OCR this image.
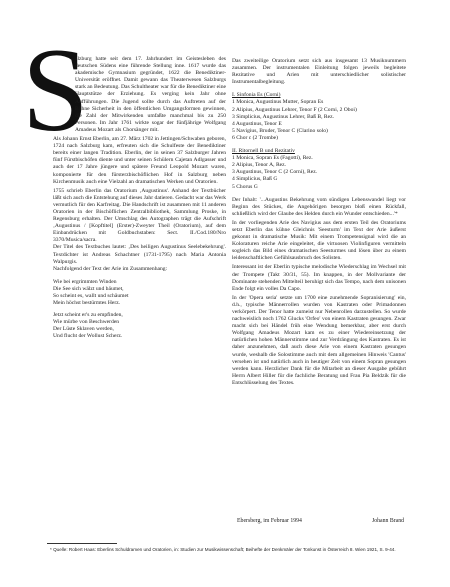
S

alzburg hatte seit dem 17. Jahrhundert im Geistesleben des deutschen Südens eine führende Stellung inne. 1617 wurde das akademische Gymnasium gegründet, 1622 die Benediktiner-Universität eröffnet. Damit gewann das Theaterwesen Salzburgs stark an Bedeutung. Das Schultheater war für die Benediktiner eine Hauptstütze der Erziehung. Es verging kein Jahr ohne Aufführungen. Die Jugend sollte durch das Auftreten auf der Bühne Sicherheit in den öffentlichen Umgangsformen gewinnen, die Zahl der Mitwirkenden umfaßte manchmal bis zu 250 Personen. Im Jahr 1761 wirkte sogar der fünfjährige Wolfgang Amadeus Mozart als Chorsänger mit.

Als Johann Ernst Eberlin, am 27. März 1702 in Jettingen/Schwaben geboren, 1724 nach Salzburg kam, erfreuten sich die Schulfeste der Benediktiner bereits einer langen Tradition. Eberlin, der in seinen 37 Salzburger Jahren fünf Fürstbischöfen diente und unter seinen Schülern Cajetan Adlgasser und auch der 17 Jahre jüngere und spätere Freund Leopold Mozart waren, komponierte für den fürsterzbischöflichen Hof in Salzburg neben Kirchenmusik auch eine Vielzahl an dramatischen Werken und Oratorien.

1755 schrieb Eberlin das Oratorium ‚Augustinus'. Anhand der Textbücher läßt sich auch die Entstehung auf dieses Jahr datieren. Gedacht war das Werk vermutlich für den Karfreitag. Die Handschrift ist zusammen mit 11 anderen Oratorien in der Bischöflichen Zentralbibliothek, Sammlung Proske, in Regensburg erhalten. Der Umschlag des Autographen trägt die Aufschrift ‚Augustinus / [Kopftitel] (Erster)-Zweyter Theil (Oratorium), auf dem Einbandrücken mit Goldbuchstaben: Sect. II./Cod.180/Nro 3370/Musica/sacra.

Der Titel des Textbuches lautet: ‚Des heiligen Augustinus Seelebekehrung'. Textdichter ist Andreas Schachtner (1731-1795) nach Maria Antonia Walpurgis.

Nachfolgend der Text der Arie im Zusammenhang:

Wie bei ergrimmten Winden
Die See sich wälzt und bäumet,
So scheint es, wallt und schäumet
Mein höchst bestürmtes Herz.
Jetzt scheint er's zu empfinden,
Wie mürbe von Beschwerden
Der Lüste Sklaven werden,
Und flucht der Wollust Scherz.

Das zweiteilige Oratorium setzt sich aus insgesamt 13 Musiknummern zusammen. Der instrumentalen Einleitung folgen jeweils begleitete Rezitative und Arien mit unterschiedlicher solistischer Instrumentalbegleitung.

I. Sinfonia Es (Corni)
1 Monica, Augustinus Mutter, Sopran Es
2 Alipius, Augustinus Lehrer, Tenor F (2 Corni, 2 Oboi)
3 Simplicius, Augustinus Lehrer, Baß B, Rez.
4 Augustinus, Tenor E
5 Navigius, Bruder, Tenor C (Clarino solo)
6 Chor c (2 Trombe)
II. Ritornell B und Rezitativ
1 Monica, Sopran Es (Fagotti), Rez.
2 Alipius, Tenor A, Rez.
3 Augustinus, Tenor C (2 Corni), Rez.
4 Simplicius, Baß G
5 Chorus G

Der Inhalt: '...Augustins Bekehrung vom sündigen Lebenswandel liegt vor Beginn des Stückes, die Angehörigen besorgen bloß einen Rückfall, schließlich wird der Glaube des Helden durch ein Wunder entschieden...'*

In der vorliegenden Arie des Navigius aus dem ersten Teil des Oratoriums setzt Eberlin das kühne Gleichnis 'Seesturm' im Text der Arie äußerst gekonnt in dramatische Musik: Mit einem Trompetensignal wird die an Koloraturen reiche Arie eingeleitet, die virtuosen Violinfiguren vermitteln sogleich das Bild eines dramatischen Seesturmes und lösen über zu einem leidenschaftlichen Gefühlsausbruch des Solisten.

Interessant ist der Eberlin typische melodische Wiederschlag im Wechsel mit der Trompete (Takt 30/31, 55). Im knappen, in der Mollvariante der Dominante stehenden Mittelteil beruhigt sich das Tempo, nach dem unisonen Ende folgt ein volles Da Capo.

In der 'Opera seria' setzte um 1700 eine zunehmende Sopranisierung' ein, d.h., typische Männerrollen wurden von Kastraten oder Primadonnen verkörpert. Der Tenor hatte zumeist nur Nebenrollen darzustellen. So wurde nachweislich noch 1762 Glucks 'Orfeo' von einem Kastraten gesungen. Zwar macht sich bei Händel früh eine Wendung bemerkbar, aber erst durch Wolfgang Amadeus Mozart kam es zu einer Wiedereinsetzung der natürlichen hohen Männerstimme und zur Verdrängung des Kastraten. Es ist daher anzunehmen, daß auch diese Arie von einem Kastraten gesungen wurde, weshalb die Solostimme auch mit dem allgemeinen Hinweis 'Cantus' versehen ist und natürlich auch in heutiger Zeit von einem Sopran gesungen werden kann. Herzlicher Dank für die Mitarbeit an dieser Ausgabe gebührt Herrn Albert Hiller für die fachliche Beratung und Frau Pia Beldzik für die Entschlüsselung des Textes.

Ebersberg, im Februar 1994	Johann Brand
* Quelle: Robert Haas: Eberlins Schuldramen und Oratorien, in: Studien zur Musikwissenschaft; Beihefte der Denkmäler der Tonkunst in Österreich 8. Wien 1921, S. 9-44.
